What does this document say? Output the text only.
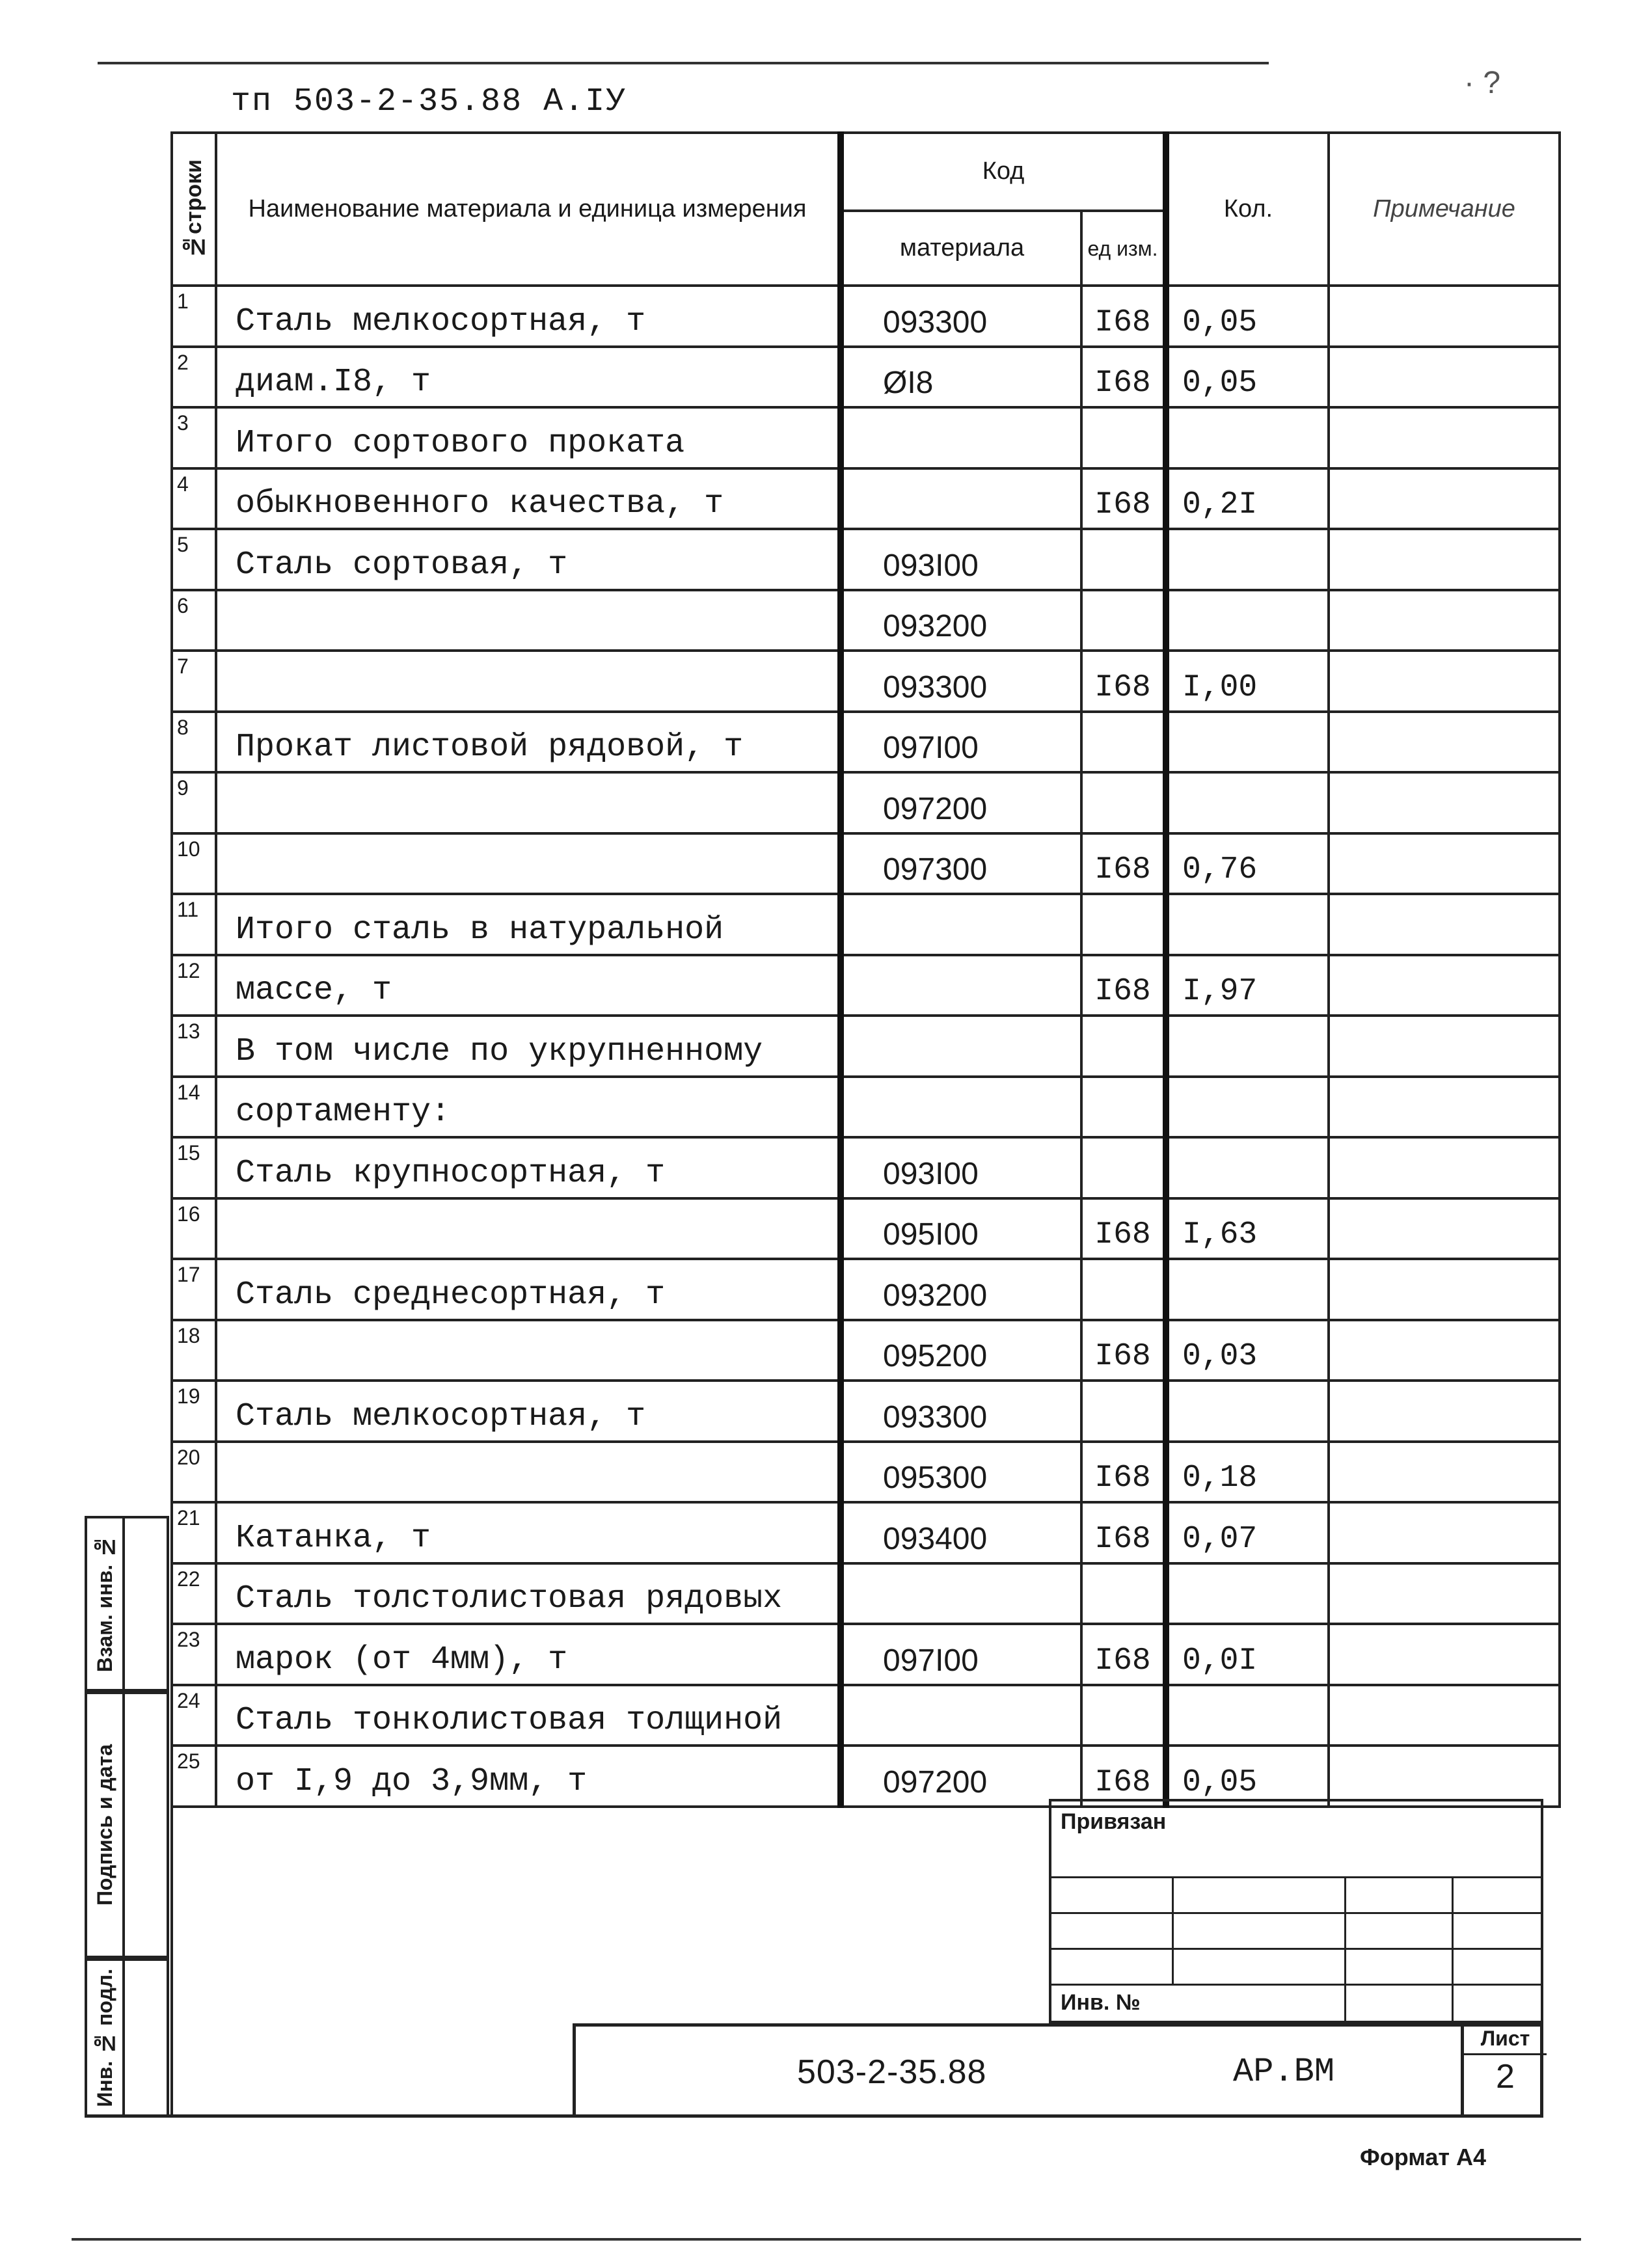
тп 503-2-35.88 А.IУ
· ?
№строки	Наименование материала и единица измерения	Код		Кол.	Примечание
		материала	ед изм.		
1	Сталь мелкосортная, т	093300	I68	0,05	
2	диам.I8, т	ØI8	I68	0,05	
3	Итого сортового проката				
4	обыкновенного качества, т		I68	0,2I	
5	Сталь сортовая, т	093I00			
6		093200			
7		093300	I68	I,00	
8	Прокат листовой рядовой, т	097I00			
9		097200			
10		097300	I68	0,76	
11	Итого сталь в натуральной				
12	массе, т		I68	I,97	
13	В том числе по укрупненному				
14	сортаменту:				
15	Сталь крупносортная, т	093I00			
16		095I00	I68	I,63	
17	Сталь среднесортная, т	093200			
18		095200	I68	0,03	
19	Сталь мелкосортная, т	093300			
20		095300	I68	0,18	
21	Катанка, т	093400	I68	0,07	
22	Сталь толстолистовая рядовых				
23	марок (от 4мм), т	097I00	I68	0,0I	
24	Сталь тонколистовая толщиной				
25	от I,9 до 3,9мм, т	097200	I68	0,05	
Взам. инв. №
Подпись и дата
Инв. № подл.
Привязан
Инв. №
503-2-35.88	АР.ВМ
Лист
2
Формат А4
